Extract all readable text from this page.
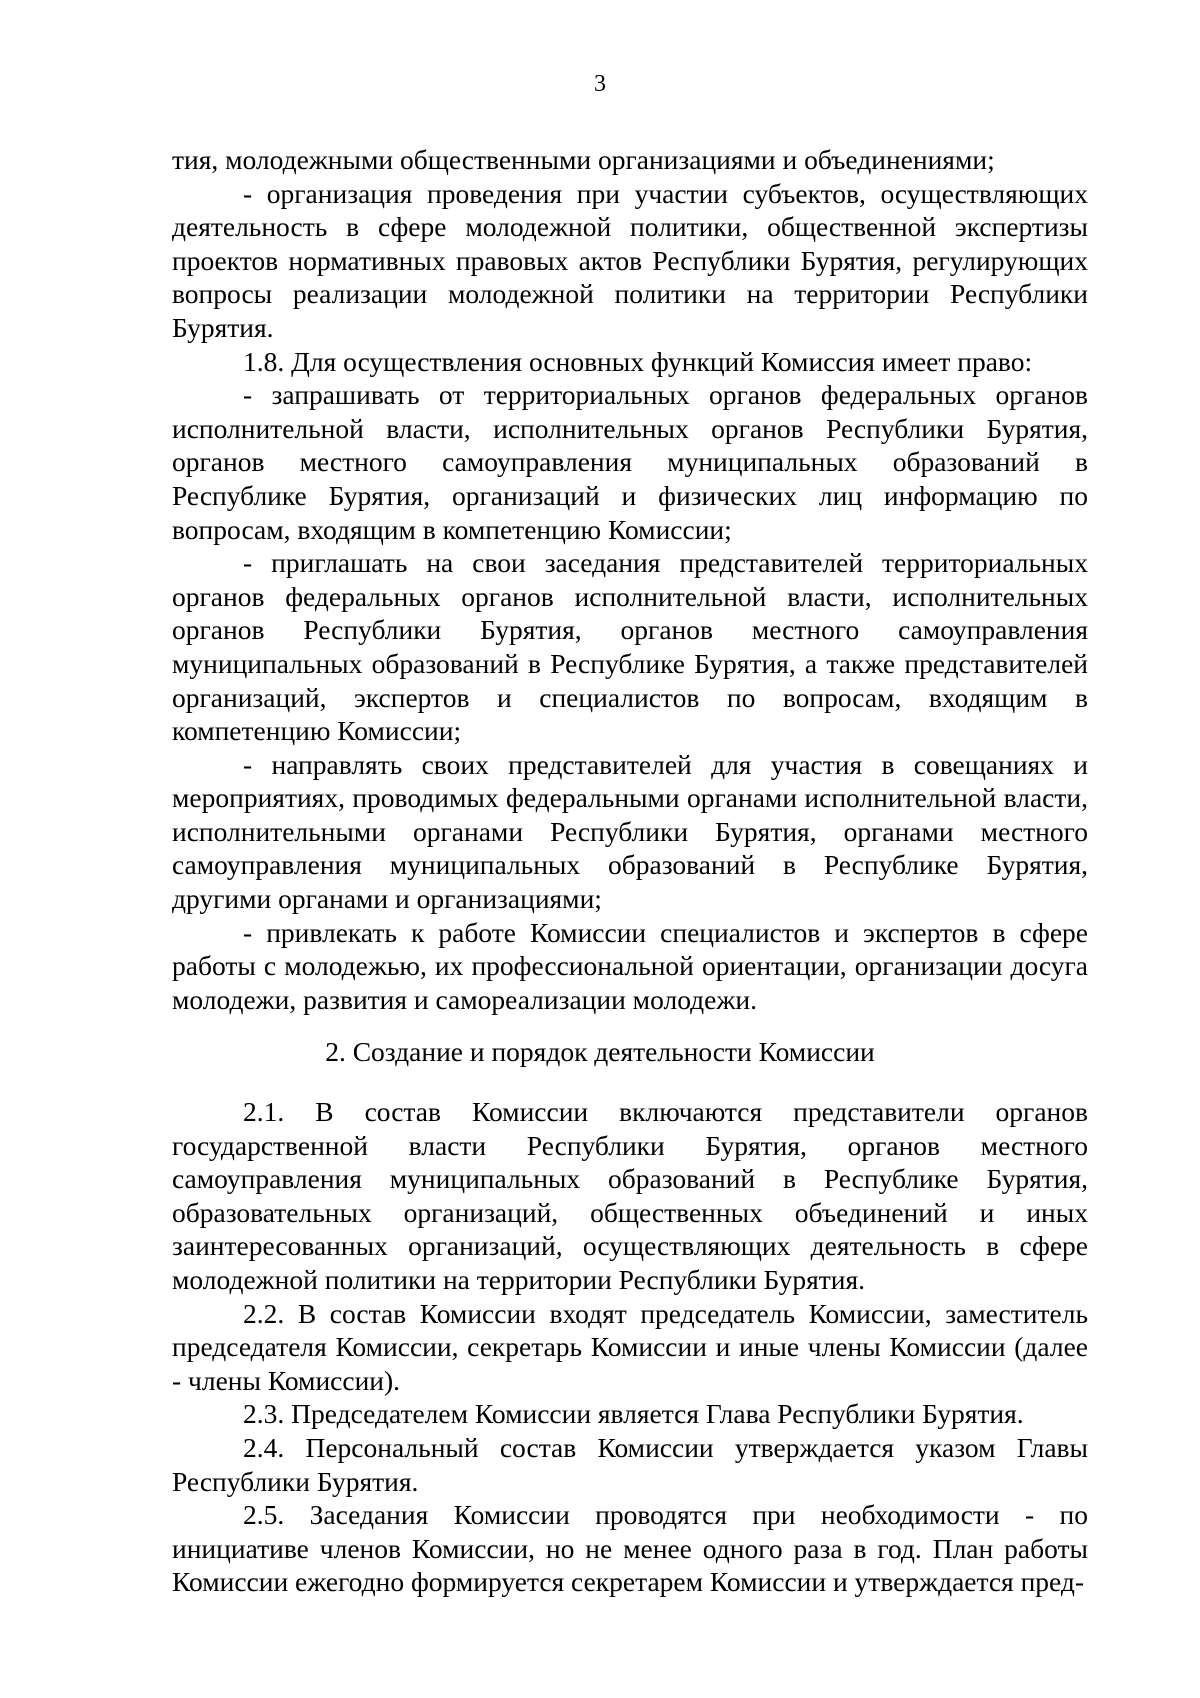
3

тия, молодежными общественными организациями и объединениями;

- организация проведения при участии субъектов, осуществляющих деятельность в сфере молодежной политики, общественной экспертизы проектов нормативных правовых актов Республики Бурятия, регулирующих вопросы реализации молодежной политики на территории Республики Бурятия.

1.8. Для осуществления основных функций Комиссия имеет право:

- запрашивать от территориальных органов федеральных органов исполнительной власти, исполнительных органов Республики Бурятия, органов местного самоуправления муниципальных образований в Республике Бурятия, организаций и физических лиц информацию по вопросам, входящим в компетенцию Комиссии;

- приглашать на свои заседания представителей территориальных органов федеральных органов исполнительной власти, исполнительных органов Республики Бурятия, органов местного самоуправления муниципальных образований в Республике Бурятия, а также представителей организаций, экспертов и специалистов по вопросам, входящим в компетенцию Комиссии;

- направлять своих представителей для участия в совещаниях и мероприятиях, проводимых федеральными органами исполнительной власти, исполнительными органами Республики Бурятия, органами местного самоуправления муниципальных образований в Республике Бурятия, другими органами и организациями;

- привлекать к работе Комиссии специалистов и экспертов в сфере работы с молодежью, их профессиональной ориентации, организации досуга молодежи, развития и самореализации молодежи.

2. Создание и порядок деятельности Комиссии

2.1. В состав Комиссии включаются представители органов государственной власти Республики Бурятия, органов местного самоуправления муниципальных образований в Республике Бурятия, образовательных организаций, общественных объединений и иных заинтересованных организаций, осуществляющих деятельность в сфере молодежной политики на территории Республики Бурятия.

2.2. В состав Комиссии входят председатель Комиссии, заместитель председателя Комиссии, секретарь Комиссии и иные члены Комиссии (далее - члены Комиссии).

2.3. Председателем Комиссии является Глава Республики Бурятия.

2.4. Персональный состав Комиссии утверждается указом Главы Республики Бурятия.

2.5. Заседания Комиссии проводятся при необходимости - по инициативе членов Комиссии, но не менее одного раза в год. План работы Комиссии ежегодно формируется секретарем Комиссии и утверждается пред-
